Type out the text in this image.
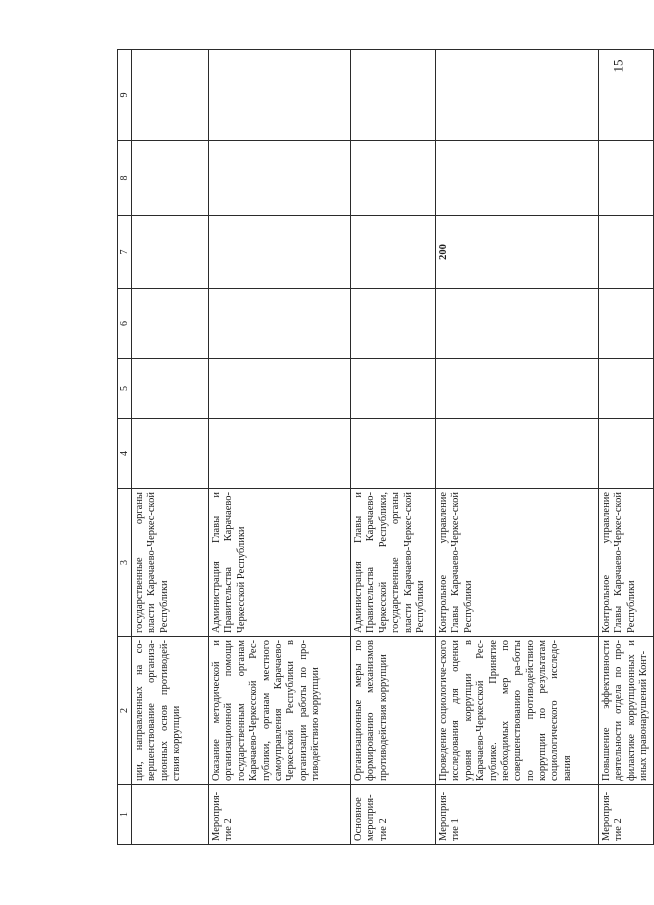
15
1	2	3	4	5	6	7	8	9
	ции, направленных на со-вершенствование организа-ционных основ противодей-ствия коррупции	государственные органы власти Карачаево-Черкес-ской Республики						
Мероприя-тие 2	Оказание методической и организационной помощи государственным органам Карачаево-Черкесской Рес-публики, органам местного самоуправления Карачаево-Черкесской Республики в организации работы по про-тиводействию коррупции	Администрация Главы и Правительства Карачаево-Черкесской Республики						
Основное мероприя-тие 2	Организационные меры по формированию механизмов противодействия коррупции	Администрация Главы и Правительства Карачаево-Черкесской Республики, государственные органы власти Карачаево-Черкес-ской Республики						
Мероприя-тие 1	Проведение социологиче-ского исследования для оценки уровня коррупции в Карачаево-Черкесской Рес-публике. Принятие необходимых мер по совершенствованию ра-боты по противодействию коррупции по результатам социологического исследо-вания	Контрольное управление Главы Карачаево-Черкес-ской Республики				200		
Мероприя-тие 2	Повышение эффективности деятельности отдела по про-филактике коррупционных и иных правонарушений Конт-	Контрольное управление Главы Карачаево-Черкес-ской Республики						
